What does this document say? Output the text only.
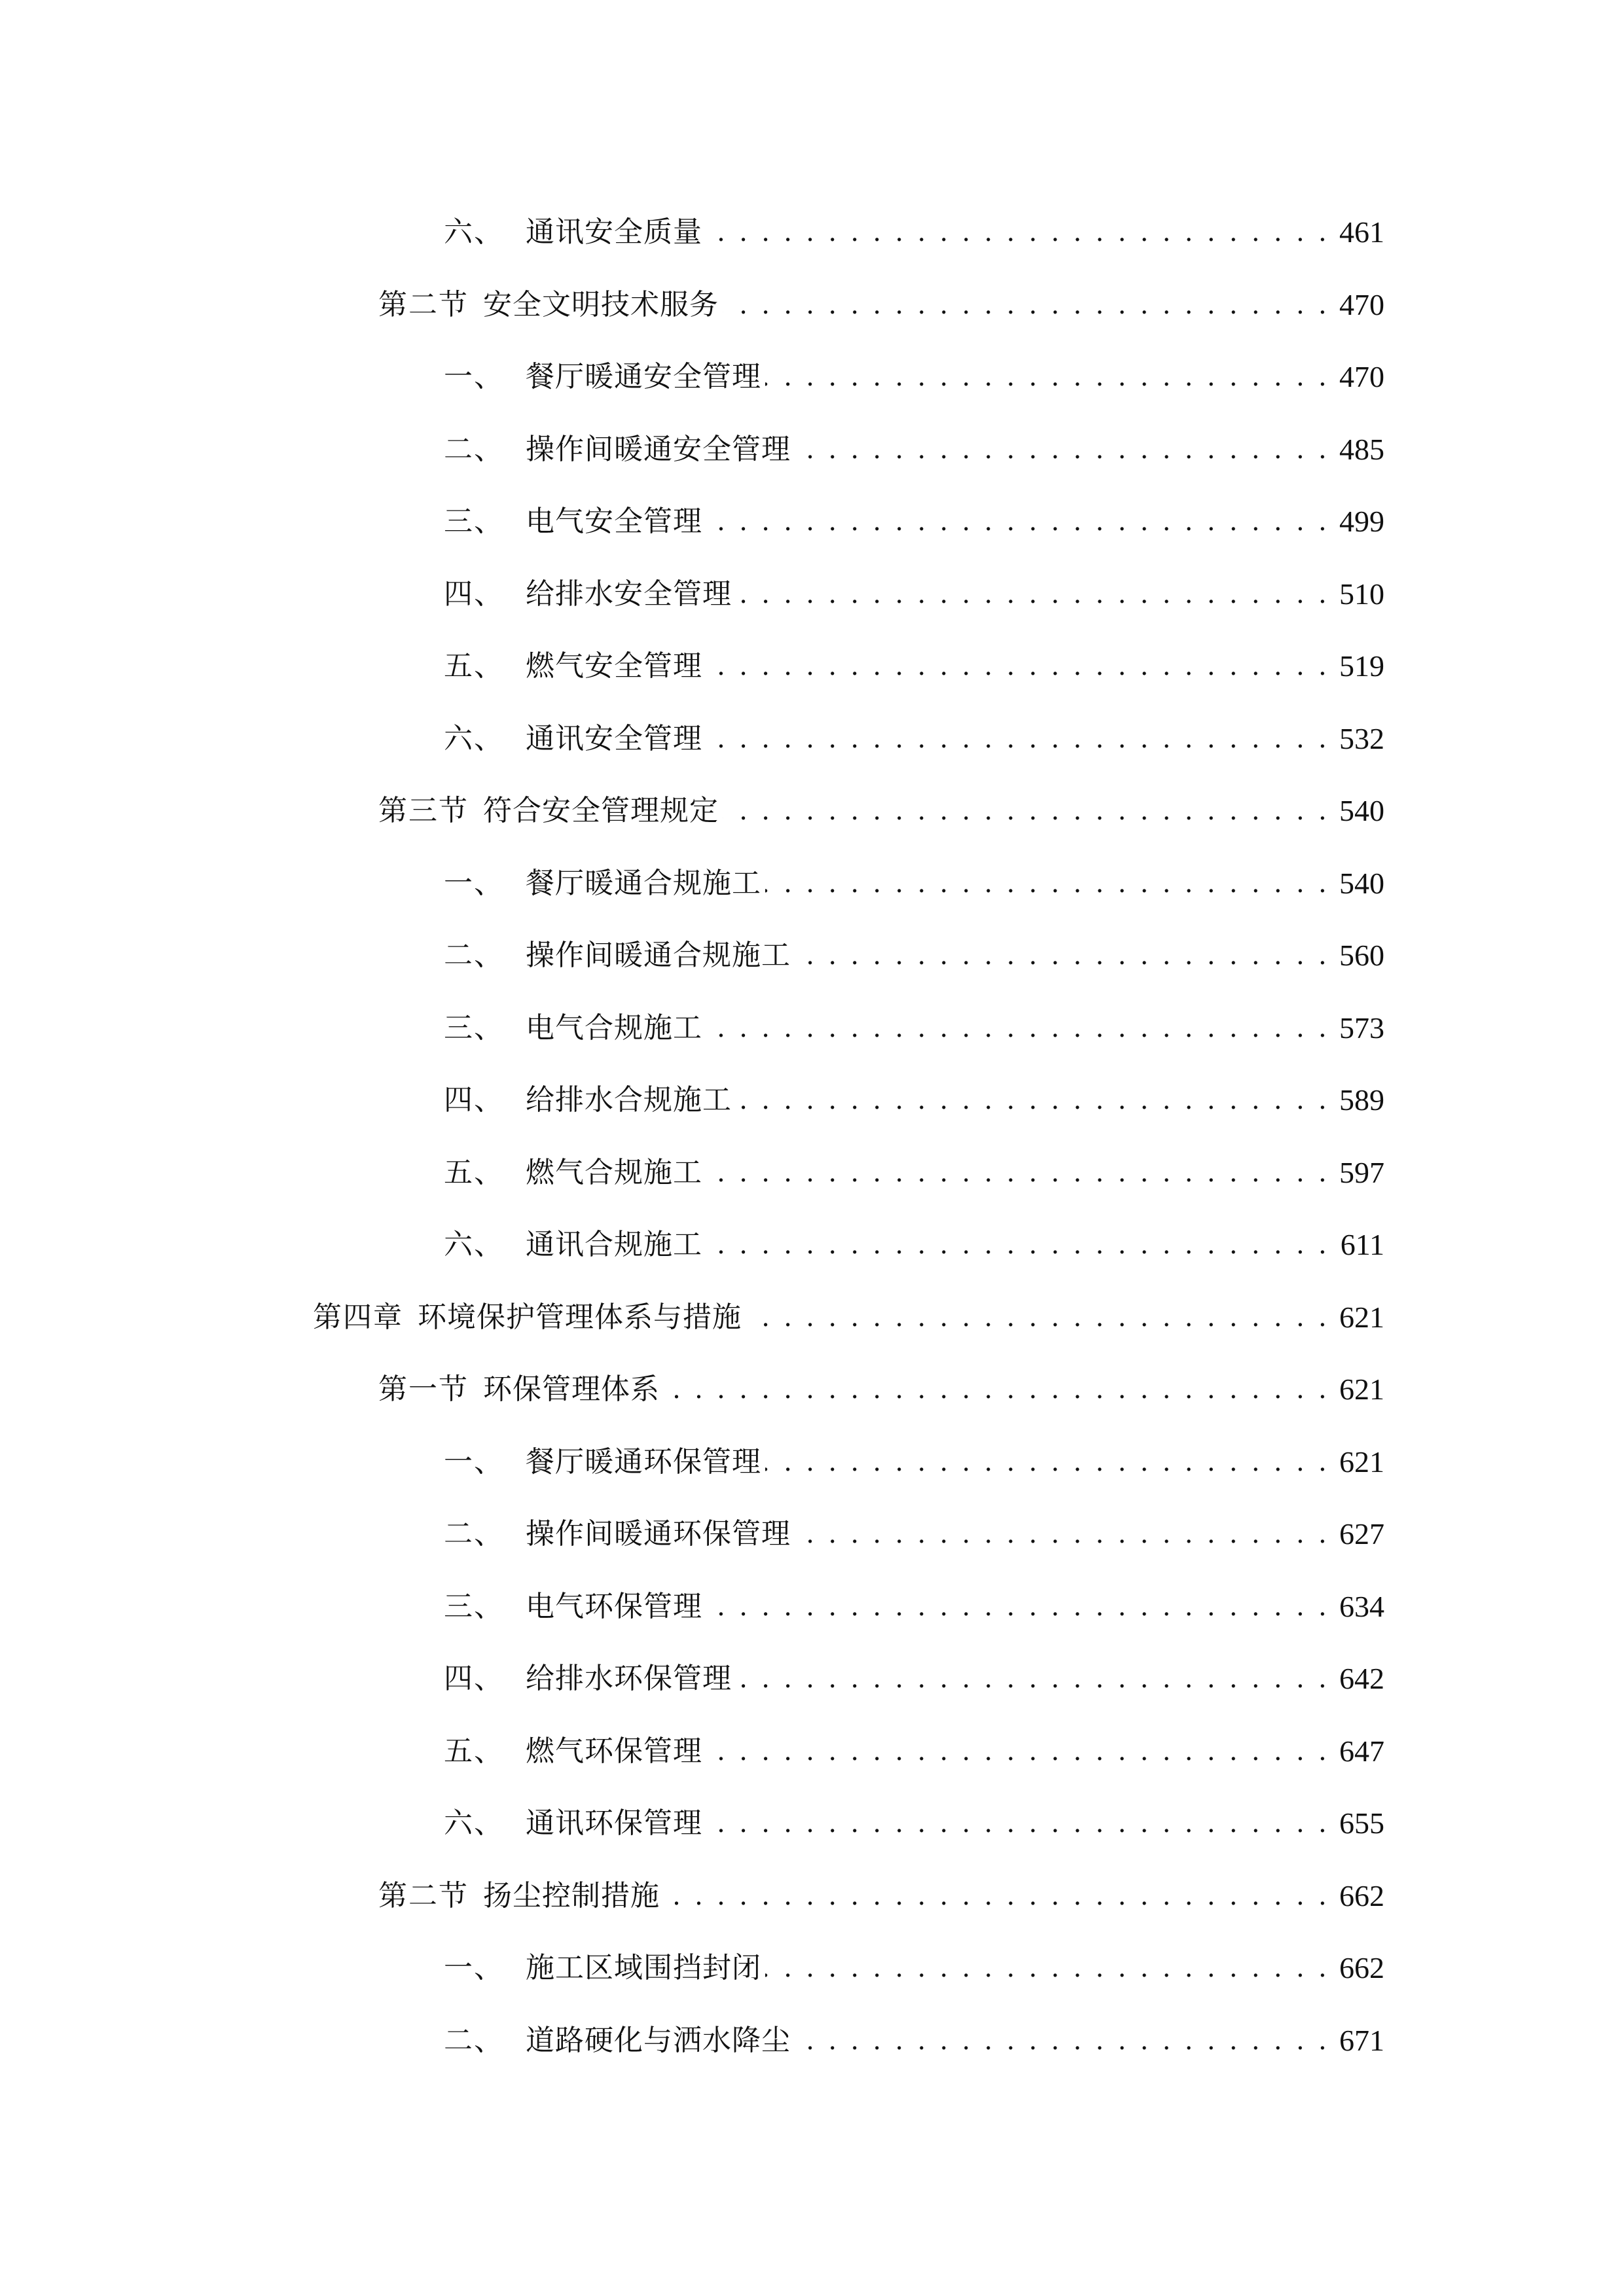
六、 通讯安全质量 . . .	461
第二节 安全文明技术服务 . . .	470
一、 餐厅暖通安全管理 . . .	470
二、 操作间暖通安全管理 . . .	485
三、 电气安全管理 . . .	499
四、 给排水安全管理 . . .	510
五、 燃气安全管理 . . .	519
六、 通讯安全管理 . . .	532
第三节 符合安全管理规定 . . .	540
一、 餐厅暖通合规施工 . . .	540
二、 操作间暖通合规施工 . . .	560
三、 电气合规施工 . . .	573
四、 给排水合规施工 . . .	589
五、 燃气合规施工 . . .	597
六、 通讯合规施工 . . .	611
第四章 环境保护管理体系与措施 . . .	621
第一节 环保管理体系 . . .	621
一、 餐厅暖通环保管理 . . .	621
二、 操作间暖通环保管理 . . .	627
三、 电气环保管理 . . .	634
四、 给排水环保管理 . . .	642
五、 燃气环保管理 . . .	647
六、 通讯环保管理 . . .	655
第二节 扬尘控制措施 . . .	662
一、 施工区域围挡封闭 . . .	662
二、 道路硬化与洒水降尘 . . .	671
